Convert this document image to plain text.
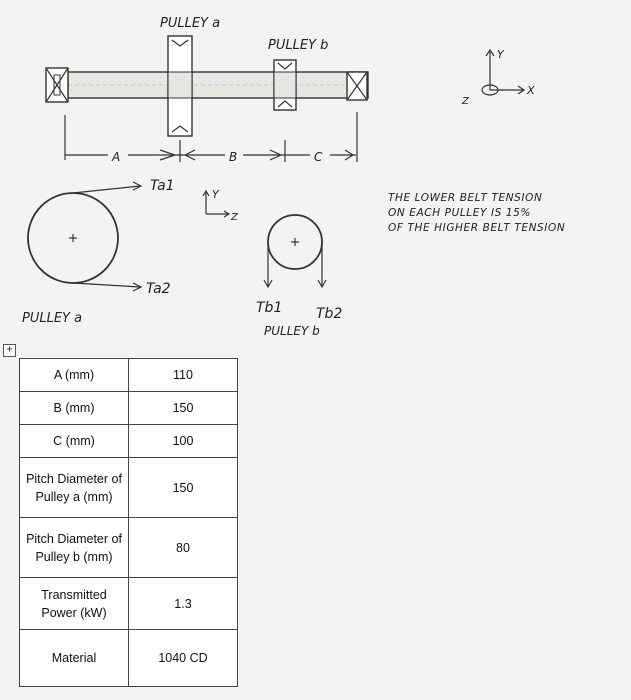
PULLEY a
PULLEY b
A	B	C
Y
X
Z
Ta1
Ta2
PULLEY a
Y
Z
Tb1 Tb2
PULLEY b
THE LOWER BELT TENSION
ON EACH PULLEY IS 15%
OF THE HIGHER BELT TENSION
+
A (mm)	110
B (mm)	150
C (mm)	100
Pitch Diameter of Pulley a (mm)	150
Pitch Diameter of Pulley b (mm)	80
Transmitted Power (kW)	1.3
Material	1040 CD
